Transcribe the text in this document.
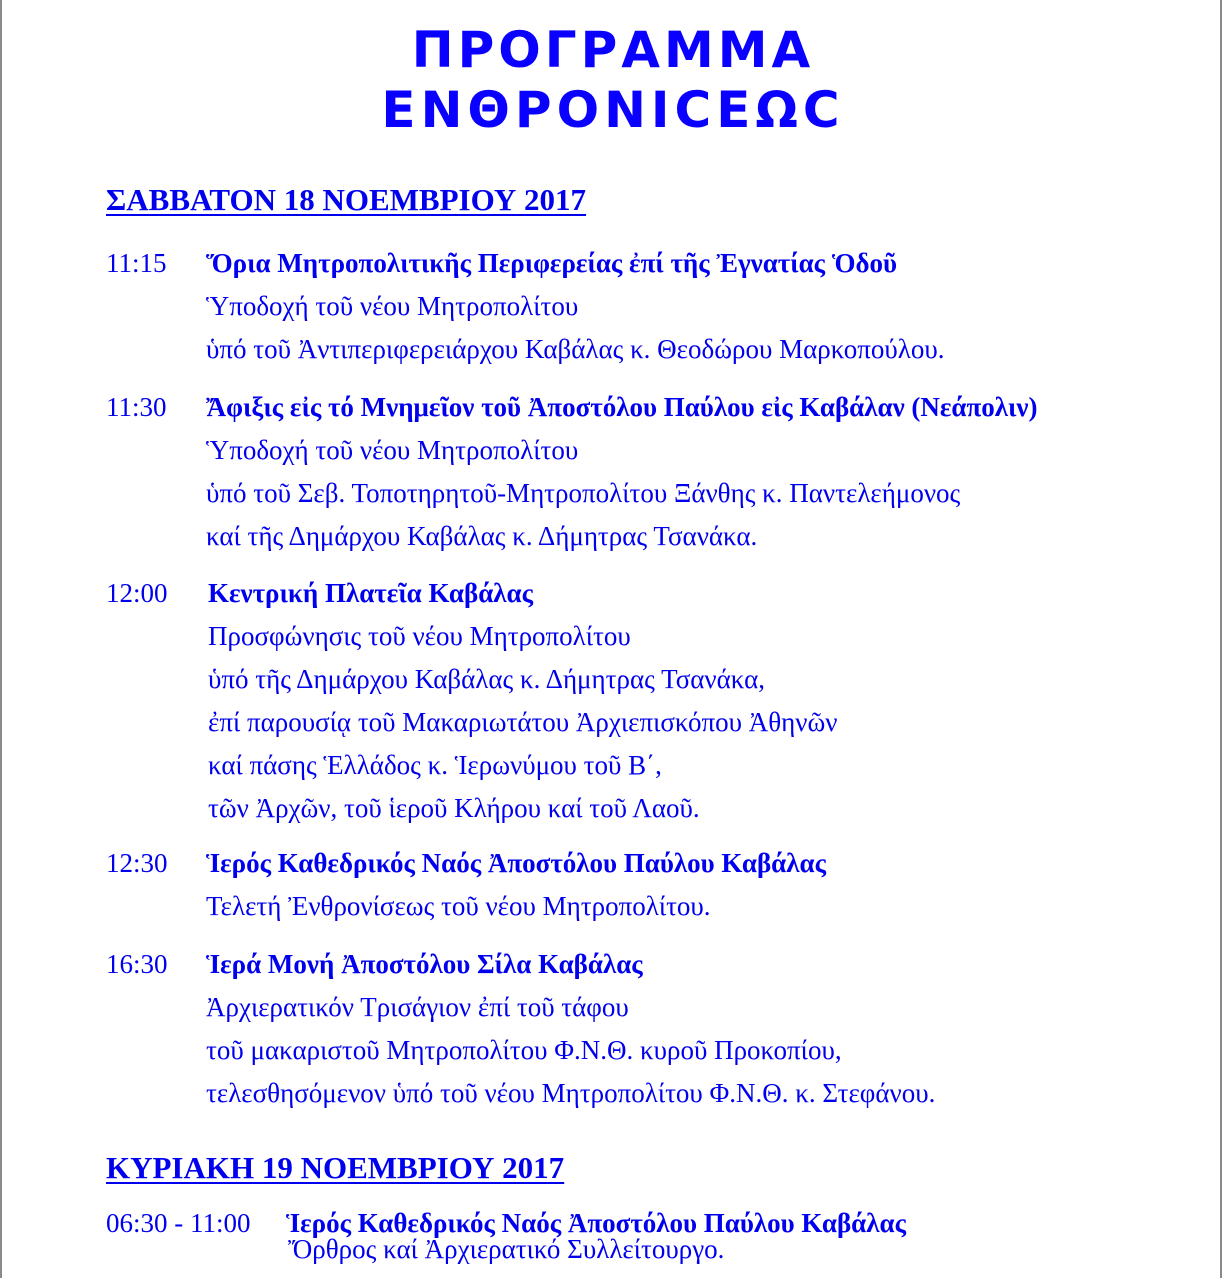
ΠΡΟΓΡΑΜΜΑ
ΕΝΘΡΟΝΙϹΕΩϹ
ΣΑΒΒΑΤΟΝ 18 ΝΟΕΜΒΡΙΟΥ 2017
11:15 Ὅρια Μητροπολιτικῆς Περιφερείας ἐπί τῆς Ἐγνατίας Ὁδοῦ
Ὑποδοχή τοῦ νέου Μητροπολίτου
ὑπό τοῦ Ἀντιπεριφερειάρχου Καβάλας κ. Θεοδώρου Μαρκοπούλου.
11:30 Ἄφιξις εἰς τό Μνημεῖον τοῦ Ἀποστόλου Παύλου εἰς Καβάλαν (Νεάπολιν)
Ὑποδοχή τοῦ νέου Μητροπολίτου
ὑπό τοῦ Σεβ. Τοποτηρητοῦ-Μητροπολίτου Ξάνθης κ. Παντελεήμονος
καί τῆς Δημάρχου Καβάλας κ. Δήμητρας Τσανάκα.
12:00 Κεντρική Πλατεῖα Καβάλας
Προσφώνησις τοῦ νέου Μητροπολίτου
ὑπό τῆς Δημάρχου Καβάλας κ. Δήμητρας Τσανάκα,
ἐπί παρουσίᾳ τοῦ Μακαριωτάτου Ἀρχιεπισκόπου Ἀθηνῶν
καί πάσης Ἑλλάδος κ. Ἱερωνύμου τοῦ Β΄,
τῶν Ἀρχῶν, τοῦ ἱεροῦ Κλήρου καί τοῦ Λαοῦ.
12:30 Ἱερός Καθεδρικός Ναός Ἀποστόλου Παύλου Καβάλας
Τελετή Ἐνθρονίσεως τοῦ νέου Μητροπολίτου.
16:30 Ἱερά Μονή Ἀποστόλου Σίλα Καβάλας
Ἀρχιερατικόν Τρισάγιον ἐπί τοῦ τάφου
τοῦ μακαριστοῦ Μητροπολίτου Φ.Ν.Θ. κυροῦ Προκοπίου,
τελεσθησόμενον ὑπό τοῦ νέου Μητροπολίτου Φ.Ν.Θ. κ. Στεφάνου.
ΚΥΡΙΑΚΗ 19 ΝΟΕΜΒΡΙΟΥ 2017
06:30 - 11:00 Ἱερός Καθεδρικός Ναός Ἀποστόλου Παύλου Καβάλας
Ὄρθρος καί Ἀρχιερατικό Συλλείτουργο.
